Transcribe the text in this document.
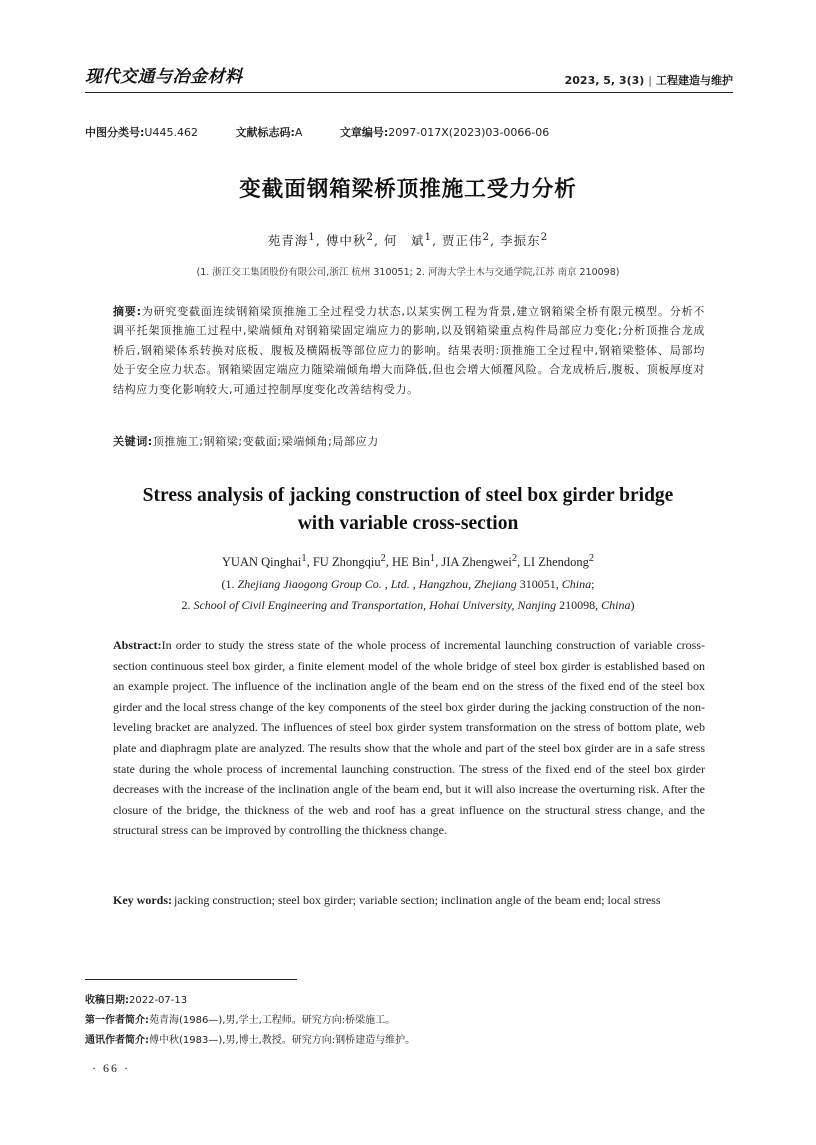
现代交通与冶金材料	2023, 5, 3(3) | 工程建造与维护
中图分类号:U445.462	文献标志码:A	文章编号:2097-017X(2023)03-0066-06
变截面钢箱梁桥顶推施工受力分析
苑青海$^1$, 傅中秋$^2$, 何　斌$^1$, 贾正伟$^2$, 李振东$^2$
(1. 浙江交工集团股份有限公司,浙江 杭州 310051; 2. 河海大学土木与交通学院,江苏 南京 210098)
摘要:为研究变截面连续钢箱梁顶推施工全过程受力状态,以某实例工程为背景,建立钢箱梁全桥有限元模型。分析不调平托架顶推施工过程中,梁端倾角对钢箱梁固定端应力的影响,以及钢箱梁重点构件局部应力变化;分析顶推合龙成桥后,钢箱梁体系转换对底板、腹板及横隔板等部位应力的影响。结果表明:顶推施工全过程中,钢箱梁整体、局部均处于安全应力状态。钢箱梁固定端应力随梁端倾角增大而降低,但也会增大倾覆风险。合龙成桥后,腹板、顶板厚度对结构应力变化影响较大,可通过控制厚度变化改善结构受力。
关键词:顶推施工;钢箱梁;变截面;梁端倾角;局部应力
Stress analysis of jacking construction of steel box girder bridge
with variable cross-section
YUAN Qinghai$^1$, FU Zhongqiu$^2$, HE Bin$^1$, JIA Zhengwei$^2$, LI Zhendong$^2$
(1. Zhejiang Jiaogong Group Co. , Ltd. , Hangzhou, Zhejiang 310051, China;
2. School of Civil Engineering and Transportation, Hohai University, Nanjing 210098, China)
Abstract:In order to study the stress state of the whole process of incremental launching construction of variable cross-section continuous steel box girder, a finite element model of the whole bridge of steel box girder is established based on an example project. The influence of the inclination angle of the beam end on the stress of the fixed end of the steel box girder and the local stress change of the key components of the steel box girder during the jacking construction of the non-leveling bracket are analyzed. The influences of steel box girder system transformation on the stress of bottom plate, web plate and diaphragm plate are analyzed. The results show that the whole and part of the steel box girder are in a safe stress state during the whole process of incremental launching construction. The stress of the fixed end of the steel box girder decreases with the increase of the inclination angle of the beam end, but it will also increase the overturning risk. After the closure of the bridge, the thickness of the web and roof has a great influence on the structural stress change, and the structural stress can be improved by controlling the thickness change.
Key words: jacking construction; steel box girder; variable section; inclination angle of the beam end; local stress
收稿日期:2022-07-13
第一作者简介:苑青海(1986—),男,学士,工程师。研究方向:桥梁施工。
通讯作者简介:傅中秋(1983—),男,博士,教授。研究方向:钢桥建造与维护。
· 66 ·
